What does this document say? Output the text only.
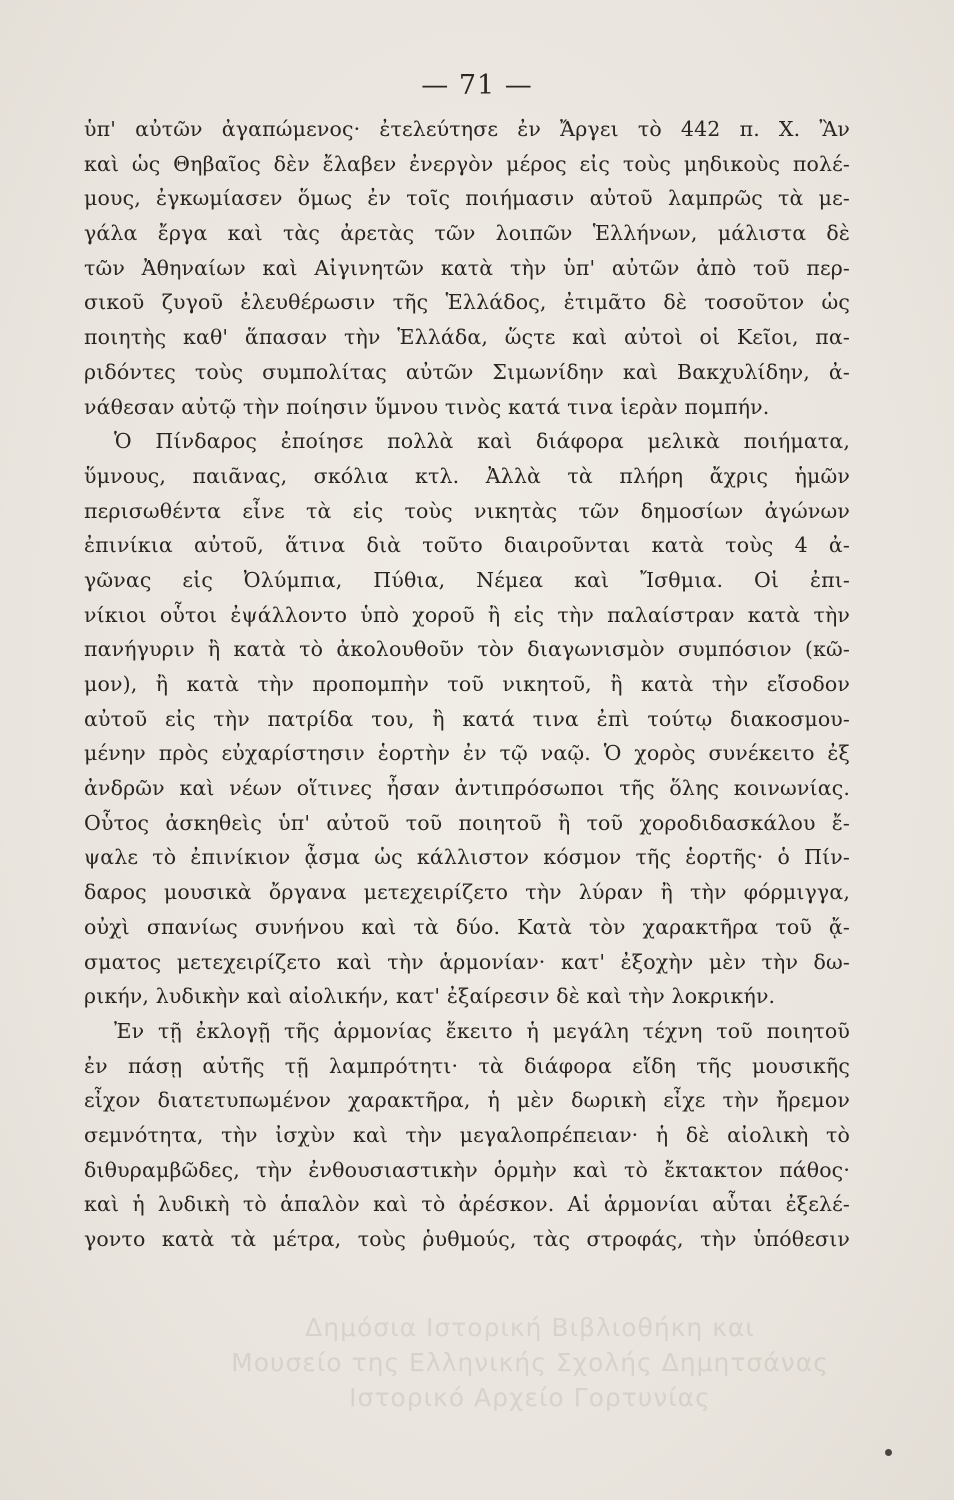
— 71 —
ὑπ' αὐτῶν ἀγαπώμενος· ἐτελεύτησε ἐν Ἄργει τὸ 442 π. Χ. Ἂν
καὶ ὡς Θηβαῖος δὲν ἔλαβεν ἐνεργὸν μέρος εἰς τοὺς μηδικοὺς πολέ-
μους, ἐγκωμίασεν ὅμως ἐν τοῖς ποιήμασιν αὐτοῦ λαμπρῶς τὰ με-
γάλα ἔργα καὶ τὰς ἀρετὰς τῶν λοιπῶν Ἑλλήνων, μάλιστα δὲ
τῶν Ἀθηναίων καὶ Αἰγινητῶν κατὰ τὴν ὑπ' αὐτῶν ἀπὸ τοῦ περ-
σικοῦ ζυγοῦ ἐλευθέρωσιν τῆς Ἑλλάδος, ἐτιμᾶτο δὲ τοσοῦτον ὡς
ποιητὴς καθ' ἅπασαν τὴν Ἑλλάδα, ὥςτε καὶ αὐτοὶ οἱ Κεῖοι, πα-
ριδόντες τοὺς συμπολίτας αὐτῶν Σιμωνίδην καὶ Βακχυλίδην, ἀ-
νάθεσαν αὐτῷ τὴν ποίησιν ὕμνου τινὸς κατά τινα ἱερὰν πομπήν.
Ὁ Πίνδαρος ἐποίησε πολλὰ καὶ διάφορα μελικὰ ποιήματα,
ὕμνους, παιᾶνας, σκόλια κτλ. Ἀλλὰ τὰ πλήρη ἄχρις ἡμῶν
περισωθέντα εἶνε τὰ εἰς τοὺς νικητὰς τῶν δημοσίων ἀγώνων
ἐπινίκια αὐτοῦ, ἅτινα διὰ τοῦτο διαιροῦνται κατὰ τοὺς 4 ἀ-
γῶνας εἰς Ὀλύμπια, Πύθια, Νέμεα καὶ Ἴσθμια. Οἱ ἐπι-
νίκιοι οὗτοι ἐψάλλοντο ὑπὸ χοροῦ ἢ εἰς τὴν παλαίστραν κατὰ τὴν
πανήγυριν ἢ κατὰ τὸ ἀκολουθοῦν τὸν διαγωνισμὸν συμπόσιον (κῶ-
μον), ἢ κατὰ τὴν προπομπὴν τοῦ νικητοῦ, ἢ κατὰ τὴν εἴσοδον
αὐτοῦ εἰς τὴν πατρίδα του, ἢ κατά τινα ἐπὶ τούτῳ διακοσμου-
μένην πρὸς εὐχαρίστησιν ἑορτὴν ἐν τῷ ναῷ. Ὁ χορὸς συνέκειτο ἐξ
ἀνδρῶν καὶ νέων οἵτινες ἦσαν ἀντιπρόσωποι τῆς ὅλης κοινωνίας.
Οὗτος ἀσκηθεὶς ὑπ' αὐτοῦ τοῦ ποιητοῦ ἢ τοῦ χοροδιδασκάλου ἔ-
ψαλε τὸ ἐπινίκιον ᾆσμα ὡς κάλλιστον κόσμον τῆς ἑορτῆς· ὁ Πίν-
δαρος μουσικὰ ὄργανα μετεχειρίζετο τὴν λύραν ἢ τὴν φόρμιγγα,
οὐχὶ σπανίως συνήνου καὶ τὰ δύο. Κατὰ τὸν χαρακτῆρα τοῦ ᾄ-
σματος μετεχειρίζετο καὶ τὴν ἁρμονίαν· κατ' ἐξοχὴν μὲν τὴν δω-
ρικήν, λυδικὴν καὶ αἰολικήν, κατ' ἐξαίρεσιν δὲ καὶ τὴν λοκρικήν.
Ἐν τῇ ἐκλογῇ τῆς ἁρμονίας ἔκειτο ἡ μεγάλη τέχνη τοῦ ποιητοῦ
ἐν πάσῃ αὐτῆς τῇ λαμπρότητι· τὰ διάφορα εἴδη τῆς μουσικῆς
εἶχον διατετυπωμένον χαρακτῆρα, ἡ μὲν δωρικὴ εἶχε τὴν ἤρεμον
σεμνότητα, τὴν ἰσχὺν καὶ τὴν μεγαλοπρέπειαν· ἡ δὲ αἰολικὴ τὸ
διθυραμβῶδες, τὴν ἐνθουσιαστικὴν ὁρμὴν καὶ τὸ ἔκτακτον πάθος·
καὶ ἡ λυδικὴ τὸ ἁπαλὸν καὶ τὸ ἀρέσκον. Αἱ ἁρμονίαι αὗται ἐξελέ-
γοντο κατὰ τὰ μέτρα, τοὺς ῥυθμούς, τὰς στροφάς, τὴν ὑπόθεσιν
Δημόσια Ιστορική Βιβλιοθήκη και
Μουσείο της Ελληνικής Σχολής Δημητσάνας
Ιστορικό Αρχείο Γορτυνίας
